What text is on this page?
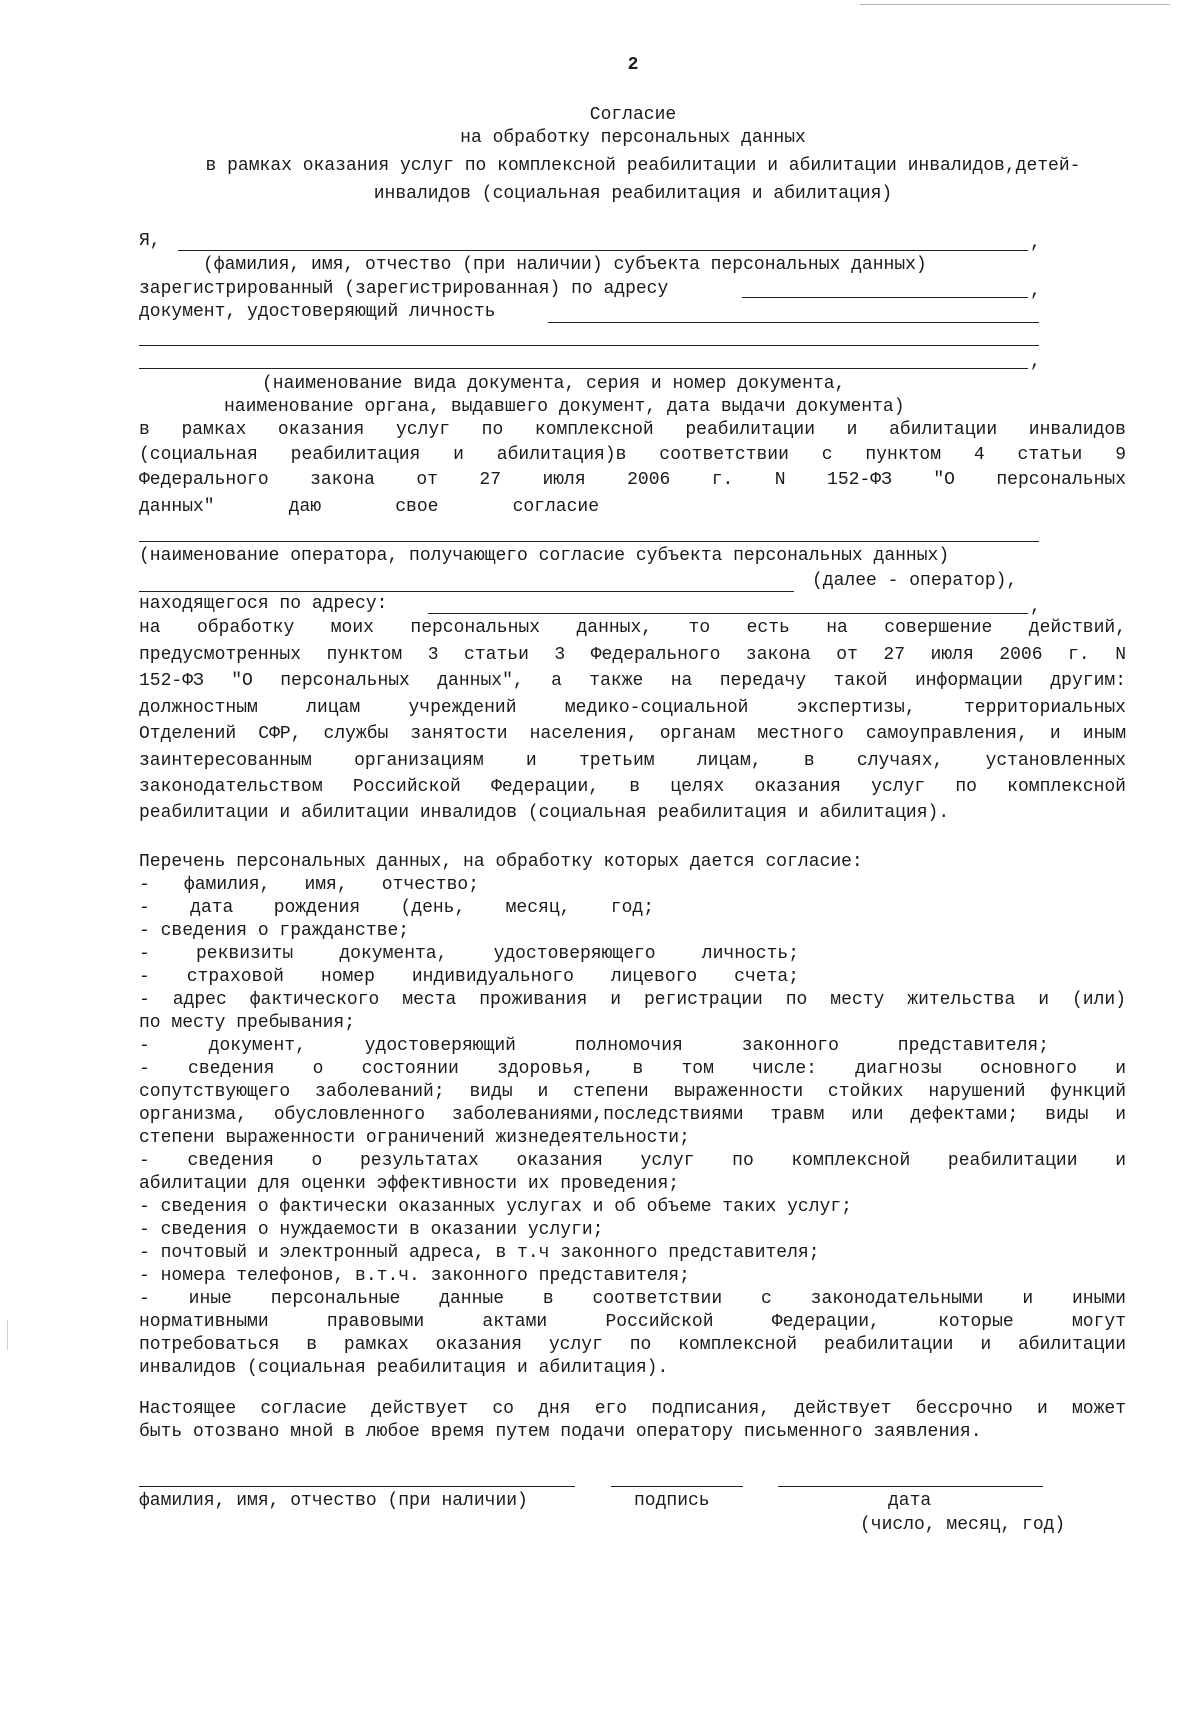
2
Согласие
на обработку персональных данных
в рамках оказания услуг по комплексной реабилитации и абилитации инвалидов,детей-
инвалидов (социальная реабилитация и абилитация)
Я,	,
(фамилия, имя, отчество (при наличии) субъекта персональных данных)
зарегистрированный (зарегистрированная) по адресу	,
документ, удостоверяющий личность
,
(наименование вида документа, серия и номер документа,
наименование органа, выдавшего документ, дата выдачи документа)
в рамках оказания услуг по комплексной реабилитации и абилитации инвалидов
(социальная реабилитация и абилитация)в соответствии с пунктом 4 статьи 9
Федерального закона от 27 июля 2006 г. N 152-ФЗ "О персональных
данных" даю свое согласие
(наименование оператора, получающего согласие субъекта персональных данных)
(далее - оператор),
находящегося по адресу:	,
на обработку моих персональных данных, то есть на совершение действий,
предусмотренных пунктом 3 статьи 3 Федерального закона от 27 июля 2006 г. N
152-ФЗ "О персональных данных", а также на передачу такой информации другим:
должностным лицам учреждений медико-социальной экспертизы, территориальных
Отделений СФР, службы занятости населения, органам местного самоуправления, и иным
заинтересованным организациям и третьим лицам, в случаях, установленных
законодательством Российской Федерации, в целях оказания услуг по комплексной
реабилитации и абилитации инвалидов (социальная реабилитация и абилитация).
Перечень персональных данных, на обработку которых дается согласие:
- фамилия, имя, отчество;
- дата рождения (день, месяц, год;
- сведения о гражданстве;
- реквизиты документа, удостоверяющего личность;
- страховой номер индивидуального лицевого счета;
- адрес фактического места проживания и регистрации по месту жительства и (или)
по месту пребывания;
- документ, удостоверяющий полномочия законного представителя;
- сведения о состоянии здоровья, в том числе: диагнозы основного и
сопутствующего заболеваний; виды и степени выраженности стойких нарушений функций
организма, обусловленного заболеваниями,последствиями травм или дефектами; виды и
степени выраженности ограничений жизнедеятельности;
- сведения о результатах оказания услуг по комплексной реабилитации и
абилитации для оценки эффективности их проведения;
- сведения о фактически оказанных услугах и об объеме таких услуг;
- сведения о нуждаемости в оказании услуги;
- почтовый и электронный адреса, в т.ч законного представителя;
- номера телефонов, в.т.ч. законного представителя;
- иные персональные данные в соответствии с законодательными и иными
нормативными правовыми актами Российской Федерации, которые могут
потребоваться в рамках оказания услуг по комплексной реабилитации и абилитации
инвалидов (социальная реабилитация и абилитация).
Настоящее согласие действует со дня его подписания, действует бессрочно и может
быть отозвано мной в любое время путем подачи оператору письменного заявления.
фамилия, имя, отчество (при наличии)	подпись	дата
(число, месяц, год)
